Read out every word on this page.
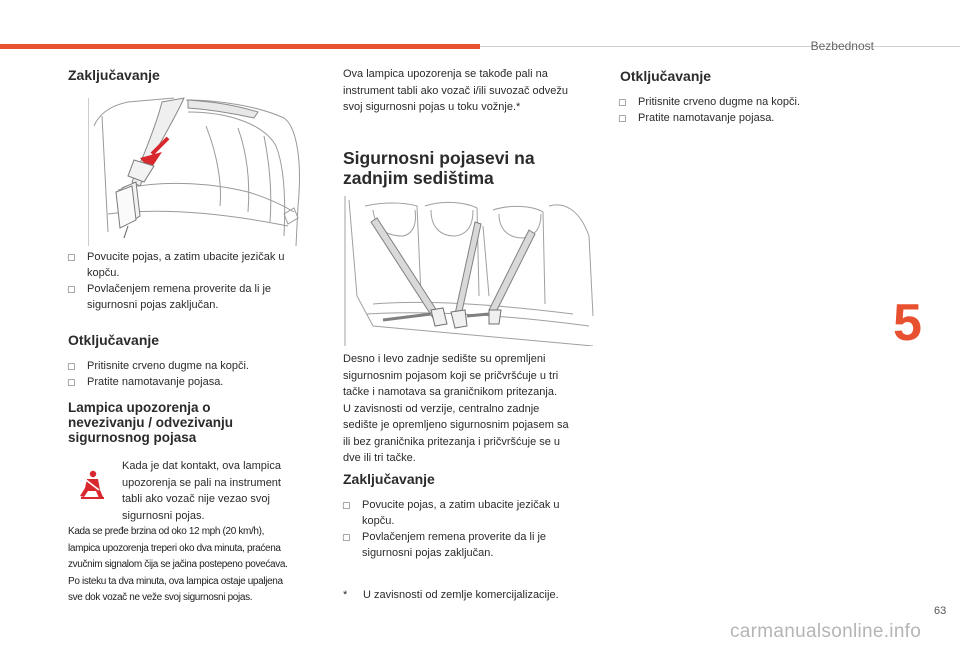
Bezbednost
5
63
carmanualsonline.info
Zaključavanje
▢ Povucite pojas, a zatim ubacite jezičak u
kopču.
▢ Povlačenjem remena proverite da li je
sigurnosni pojas zaključan.
Otključavanje
▢ Pritisnite crveno dugme na kopči.
▢ Pratite namotavanje pojasa.
Lampica upozorenja o
nevezivanju / odvezivanju
sigurnosnog pojasa
Kada je dat kontakt, ova lampica
upozorenja se pali na instrument
tabli ako vozač nije vezao svoj
sigurnosni pojas.
Kada se pređe brzina od oko 12 mph (20 km/h),
lampica upozorenja treperi oko dva minuta, praćena
zvučnim signalom čija se jačina postepeno povećava.
Po isteku ta dva minuta, ova lampica ostaje upaljena
sve dok vozač ne veže svoj sigurnosni pojas.
Ova lampica upozorenja se takođe pali na
instrument tabli ako vozač i/ili suvozač odvežu
svoj sigurnosni pojas u toku vožnje.*
Sigurnosni pojasevi na
zadnjim sedištima
Desno i levo zadnje sedište su opremljeni
sigurnosnim pojasom koji se pričvršćuje u tri
tačke i namotava sa graničnikom pritezanja.
U zavisnosti od verzije, centralno zadnje
sedište je opremljeno sigurnosnim pojasem sa
ili bez graničnika pritezanja i pričvršćuje se u
dve ili tri tačke.
Zaključavanje
▢ Povucite pojas, a zatim ubacite jezičak u
kopču.
▢ Povlačenjem remena proverite da li je
sigurnosni pojas zaključan.
* U zavisnosti od zemlje komercijalizacije.
Otključavanje
▢ Pritisnite crveno dugme na kopči.
▢ Pratite namotavanje pojasa.
